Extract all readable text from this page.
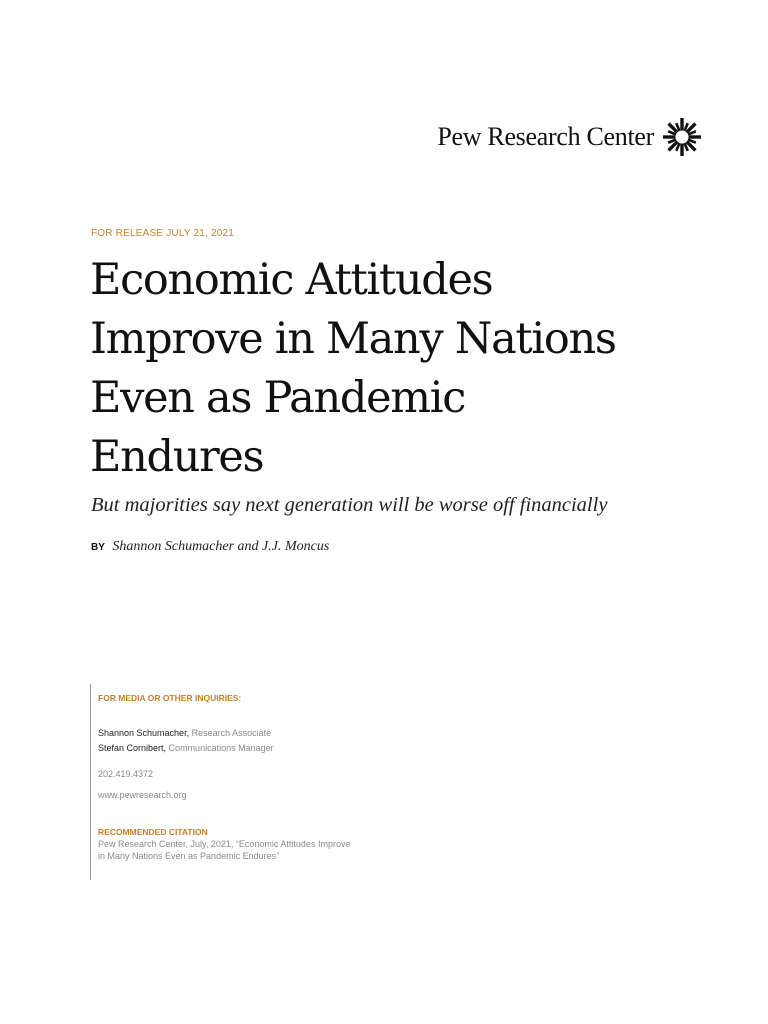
Pew Research Center
FOR RELEASE JULY 21, 2021
Economic Attitudes
Improve in Many Nations
Even as Pandemic
Endures
But majorities say next generation will be worse off financially
BY Shannon Schumacher and J.J. Moncus
FOR MEDIA OR OTHER INQUIRIES:
Shannon Schumacher, Research Associate
Stefan Cornibert, Communications Manager
202.419.4372
www.pewresearch.org
RECOMMENDED CITATION

Pew Research Center, July, 2021, “Economic Attitudes Improve in Many Nations Even as Pandemic Endures”
